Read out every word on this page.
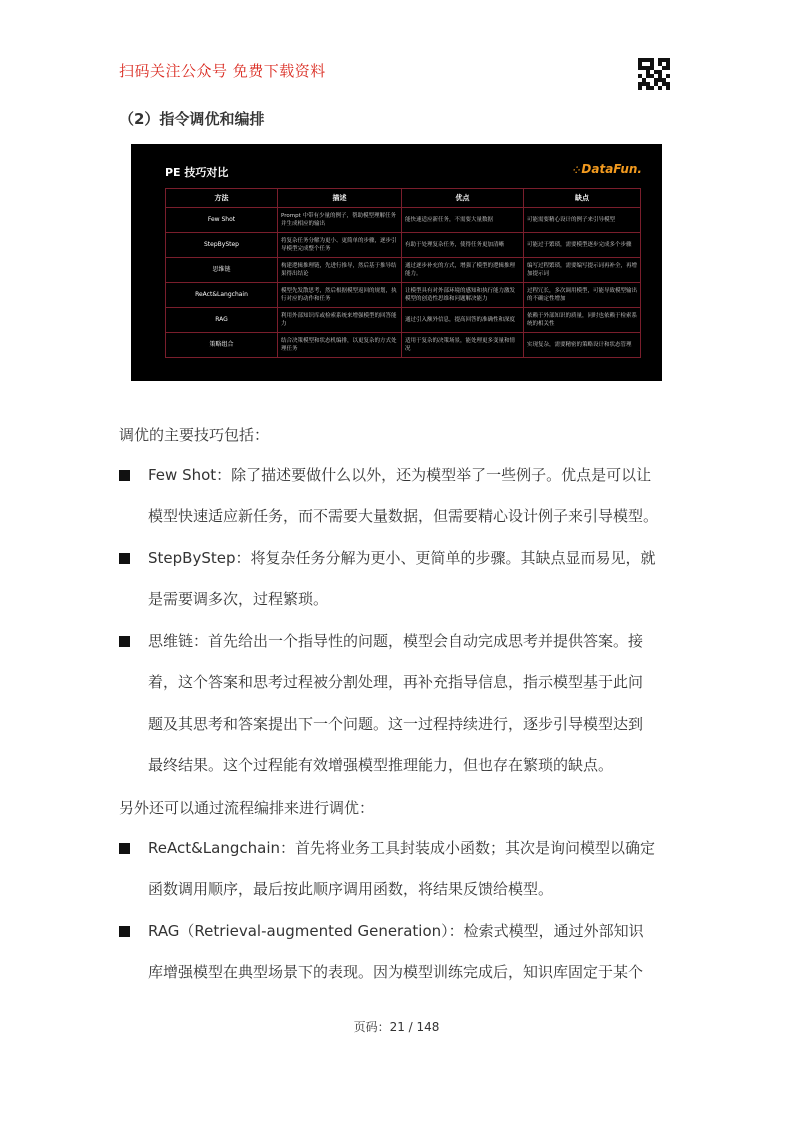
扫码关注公众号 免费下载资料
（2）指令调优和编排
PE 技巧对比	⁘DataFun.
方法	描述	优点	缺点
Few Shot	Prompt 中带有少量的例子，帮助模型理解任务并生成相应的输出	能快速适应新任务，不需要大量数据	可能需要精心设计的例子来引导模型
StepByStep	将复杂任务分解为更小、更简单的步骤，逐步引导模型完成整个任务	有助于处理复杂任务，使得任务更加清晰	可能过于繁琐，需要模型逐步完成多个步骤
思维链	构建逻辑推理链，先进行推导，然后基于推导结果得出结论	通过逐步补充的方式，增强了模型的逻辑推理能力。	编写过程繁琐，需要编写提示词再补全，再增加提示词
ReAct&Langchain	模型先发散思考，然后根据模型返回的规划，执行对应的动作和任务	让模型具有对外部环境的感知和执行能力激发模型的创造性思维和问题解决能力	过程冗长，多次调用模型，可能导致模型输出的不确定性增加
RAG	利用外部知识库或检索系统来增强模型的回答能力	通过引入额外信息，提高回答的准确性和深度	依赖于外部知识的质量，同时也依赖于检索系统的相关性
策略组合	结合决策模型和状态机编排，以更复杂的方式处理任务	适用于复杂的决策场景，能处理更多变量和情况	实现复杂，需要精密的策略设计和状态管理
调优的主要技巧包括：
Few Shot：除了描述要做什么以外，还为模型举了一些例子。优点是可以让
模型快速适应新任务，而不需要大量数据，但需要精心设计例子来引导模型。
StepByStep：将复杂任务分解为更小、更简单的步骤。其缺点显而易见，就
是需要调多次，过程繁琐。
思维链：首先给出一个指导性的问题，模型会自动完成思考并提供答案。接
着，这个答案和思考过程被分割处理，再补充指导信息，指示模型基于此问
题及其思考和答案提出下一个问题。这一过程持续进行，逐步引导模型达到
最终结果。这个过程能有效增强模型推理能力，但也存在繁琐的缺点。
另外还可以通过流程编排来进行调优：
ReAct&Langchain：首先将业务工具封装成小函数；其次是询问模型以确定
函数调用顺序，最后按此顺序调用函数，将结果反馈给模型。
RAG（Retrieval-augmented Generation）：检索式模型，通过外部知识
库增强模型在典型场景下的表现。因为模型训练完成后，知识库固定于某个
页码：21 / 148
